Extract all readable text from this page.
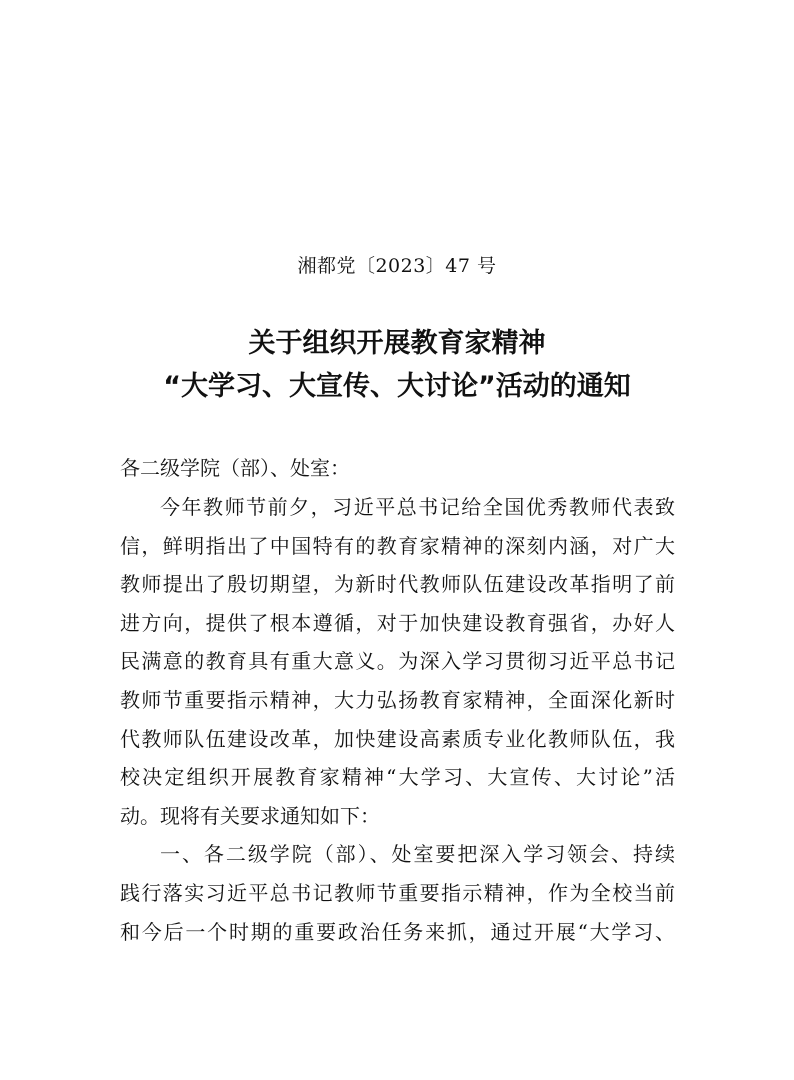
湘都党〔2023〕47 号
关于组织开展教育家精神
“大学习、大宣传、大讨论”活动的通知
各二级学院（部）、处室：
今年教师节前夕，习近平总书记给全国优秀教师代表致
信，鲜明指出了中国特有的教育家精神的深刻内涵，对广大
教师提出了殷切期望，为新时代教师队伍建设改革指明了前
进方向，提供了根本遵循，对于加快建设教育强省，办好人
民满意的教育具有重大意义。为深入学习贯彻习近平总书记
教师节重要指示精神，大力弘扬教育家精神，全面深化新时
代教师队伍建设改革，加快建设高素质专业化教师队伍，我
校决定组织开展教育家精神“大学习、大宣传、大讨论”活
动。现将有关要求通知如下：
一、各二级学院（部）、处室要把深入学习领会、持续
践行落实习近平总书记教师节重要指示精神，作为全校当前
和今后一个时期的重要政治任务来抓，通过开展“大学习、
